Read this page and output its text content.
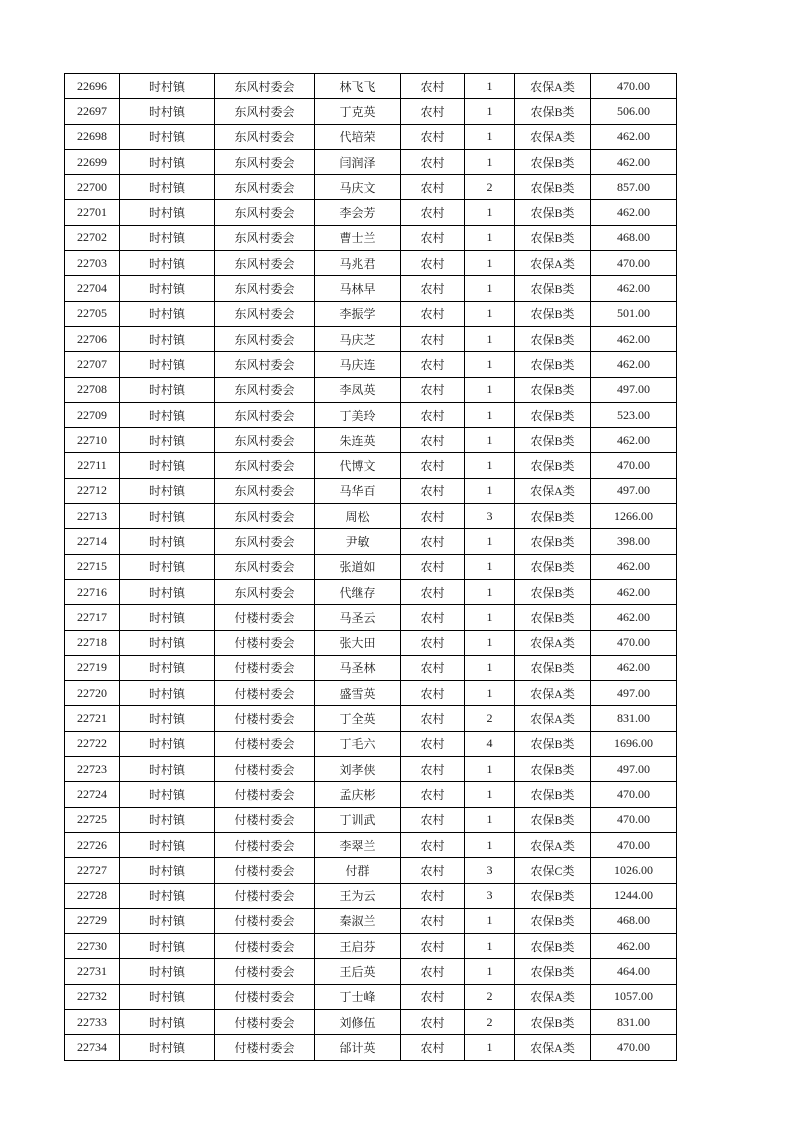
22696	时村镇	东风村委会	林飞飞	农村	1	农保A类	470.00
22697	时村镇	东风村委会	丁克英	农村	1	农保B类	506.00
22698	时村镇	东风村委会	代培荣	农村	1	农保A类	462.00
22699	时村镇	东风村委会	闫润泽	农村	1	农保B类	462.00
22700	时村镇	东风村委会	马庆文	农村	2	农保B类	857.00
22701	时村镇	东风村委会	李会芳	农村	1	农保B类	462.00
22702	时村镇	东风村委会	曹士兰	农村	1	农保B类	468.00
22703	时村镇	东风村委会	马兆君	农村	1	农保A类	470.00
22704	时村镇	东风村委会	马林早	农村	1	农保B类	462.00
22705	时村镇	东风村委会	李振学	农村	1	农保B类	501.00
22706	时村镇	东风村委会	马庆芝	农村	1	农保B类	462.00
22707	时村镇	东风村委会	马庆连	农村	1	农保B类	462.00
22708	时村镇	东风村委会	李凤英	农村	1	农保B类	497.00
22709	时村镇	东风村委会	丁美玲	农村	1	农保B类	523.00
22710	时村镇	东风村委会	朱连英	农村	1	农保B类	462.00
22711	时村镇	东风村委会	代博文	农村	1	农保B类	470.00
22712	时村镇	东风村委会	马华百	农村	1	农保A类	497.00
22713	时村镇	东风村委会	周松	农村	3	农保B类	1266.00
22714	时村镇	东风村委会	尹敏	农村	1	农保B类	398.00
22715	时村镇	东风村委会	张道如	农村	1	农保B类	462.00
22716	时村镇	东风村委会	代继存	农村	1	农保B类	462.00
22717	时村镇	付楼村委会	马圣云	农村	1	农保B类	462.00
22718	时村镇	付楼村委会	张大田	农村	1	农保A类	470.00
22719	时村镇	付楼村委会	马圣林	农村	1	农保B类	462.00
22720	时村镇	付楼村委会	盛雪英	农村	1	农保A类	497.00
22721	时村镇	付楼村委会	丁全英	农村	2	农保A类	831.00
22722	时村镇	付楼村委会	丁毛六	农村	4	农保B类	1696.00
22723	时村镇	付楼村委会	刘孝侠	农村	1	农保B类	497.00
22724	时村镇	付楼村委会	孟庆彬	农村	1	农保B类	470.00
22725	时村镇	付楼村委会	丁训武	农村	1	农保B类	470.00
22726	时村镇	付楼村委会	李翠兰	农村	1	农保A类	470.00
22727	时村镇	付楼村委会	付群	农村	3	农保C类	1026.00
22728	时村镇	付楼村委会	王为云	农村	3	农保B类	1244.00
22729	时村镇	付楼村委会	秦淑兰	农村	1	农保B类	468.00
22730	时村镇	付楼村委会	王启芬	农村	1	农保B类	462.00
22731	时村镇	付楼村委会	王后英	农村	1	农保B类	464.00
22732	时村镇	付楼村委会	丁士峰	农村	2	农保A类	1057.00
22733	时村镇	付楼村委会	刘修伍	农村	2	农保B类	831.00
22734	时村镇	付楼村委会	邰计英	农村	1	农保A类	470.00
